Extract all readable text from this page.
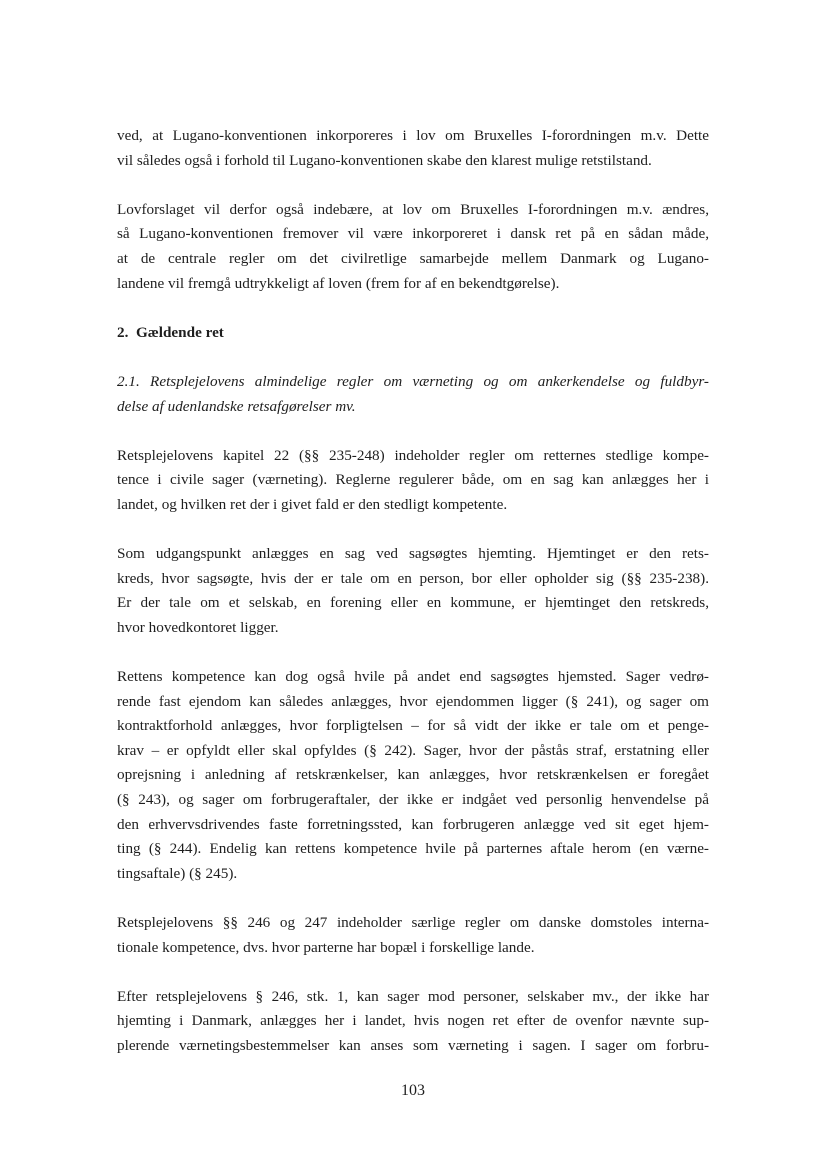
ved, at Lugano-konventionen inkorporeres i lov om Bruxelles I-forordningen m.v. Dette
vil således også i forhold til Lugano-konventionen skabe den klarest mulige retstilstand.

Lovforslaget vil derfor også indebære, at lov om Bruxelles I-forordningen m.v. ændres,
så Lugano-konventionen fremover vil være inkorporeret i dansk ret på en sådan måde,
at de centrale regler om det civilretlige samarbejde mellem Danmark og Lugano-
landene vil fremgå udtrykkeligt af loven (frem for af en bekendtgørelse).

2.  Gældende ret

2.1. Retsplejelovens almindelige regler om værneting og om ankerkendelse og fuldbyr-
delse af udenlandske retsafgørelser mv.

Retsplejelovens kapitel 22 (§§ 235-248) indeholder regler om retternes stedlige kompe-
tence i civile sager (værneting). Reglerne regulerer både, om en sag kan anlægges her i
landet, og hvilken ret der i givet fald er den stedligt kompetente.

Som udgangspunkt anlægges en sag ved sagsøgtes hjemting. Hjemtinget er den rets-
kreds, hvor sagsøgte, hvis der er tale om en person, bor eller opholder sig (§§ 235-238).
Er der tale om et selskab, en forening eller en kommune, er hjemtinget den retskreds,
hvor hovedkontoret ligger.

Rettens kompetence kan dog også hvile på andet end sagsøgtes hjemsted. Sager vedrø-
rende fast ejendom kan således anlægges, hvor ejendommen ligger (§ 241), og sager om
kontraktforhold anlægges, hvor forpligtelsen – for så vidt der ikke er tale om et penge-
krav – er opfyldt eller skal opfyldes (§ 242). Sager, hvor der påstås straf, erstatning eller
oprejsning i anledning af retskrænkelser, kan anlægges, hvor retskrænkelsen er foregået
(§ 243), og sager om forbrugeraftaler, der ikke er indgået ved personlig henvendelse på
den erhvervsdrivendes faste forretningssted, kan forbrugeren anlægge ved sit eget hjem-
ting (§ 244). Endelig kan rettens kompetence hvile på parternes aftale herom (en værne-
tingsaftale) (§ 245).

Retsplejelovens §§ 246 og 247 indeholder særlige regler om danske domstoles interna-
tionale kompetence, dvs. hvor parterne har bopæl i forskellige lande.

Efter retsplejelovens § 246, stk. 1, kan sager mod personer, selskaber mv., der ikke har
hjemting i Danmark, anlægges her i landet, hvis nogen ret efter de ovenfor nævnte sup-
plerende værnetingsbestemmelser kan anses som værneting i sagen. I sager om forbru-

103
